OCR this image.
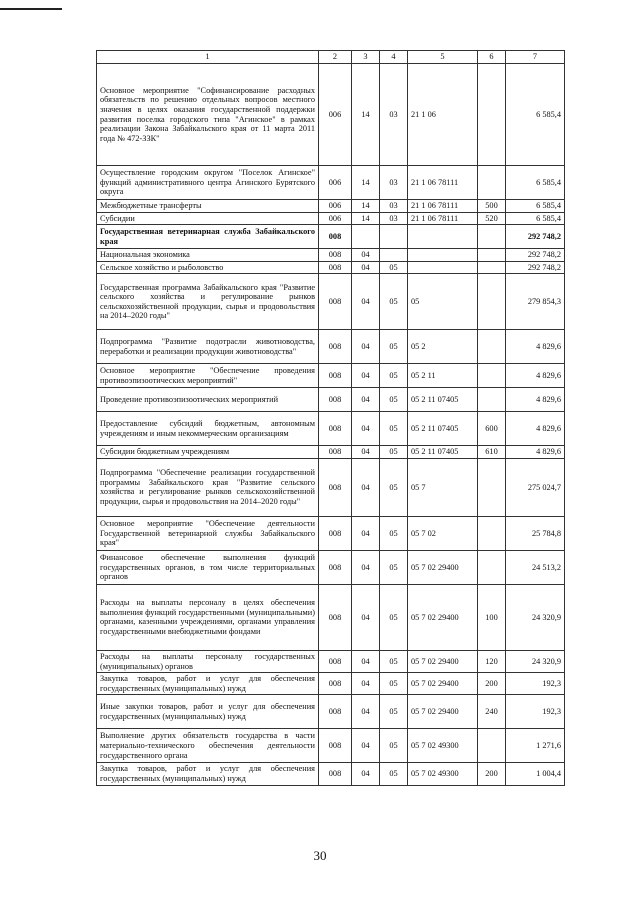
1	2	3	4	5	6	7
Основное мероприятие "Софинансирование расходных обязательств по решению отдельных вопросов местного значения в целях оказания государственной поддержки развития поселка городского типа "Агинское" в рамках реализации Закона Забайкальского края от 11 марта 2011 года № 472-ЗЗК"	006	14	03	21 1 06		6 585,4
Осуществление городским округом "Поселок Агинское" функций административного центра Агинского Бурятского округа	006	14	03	21 1 06 78111		6 585,4
Межбюджетные трансферты	006	14	03	21 1 06 78111	500	6 585,4
Субсидии	006	14	03	21 1 06 78111	520	6 585,4
Государственная ветеринарная служба Забайкальского края	008					292 748,2
Национальная экономика	008	04				292 748,2
Сельское хозяйство и рыболовство	008	04	05			292 748,2
Государственная программа Забайкальского края "Развитие сельского хозяйства и регулирование рынков сельскохозяйственной продукции, сырья и продовольствия на 2014–2020 годы"	008	04	05	05		279 854,3
Подпрограмма "Развитие подотрасли животноводства, переработки и реализации продукции животноводства"	008	04	05	05 2		4 829,6
Основное мероприятие "Обеспечение проведения противоэпизоотических мероприятий"	008	04	05	05 2 11		4 829,6
Проведение противоэпизоотических мероприятий	008	04	05	05 2 11 07405		4 829,6
Предоставление субсидий бюджетным, автономным учреждениям и иным некоммерческим организациям	008	04	05	05 2 11 07405	600	4 829,6
Субсидии бюджетным учреждениям	008	04	05	05 2 11 07405	610	4 829,6
Подпрограмма "Обеспечение реализации государственной программы Забайкальского края "Развитие сельского хозяйства и регулирование рынков сельскохозяйственной продукции, сырья и продовольствия на 2014–2020 годы"	008	04	05	05 7		275 024,7
Основное мероприятие "Обеспечение деятельности Государственной ветеринарной службы Забайкальского края"	008	04	05	05 7 02		25 784,8
Финансовое обеспечение выполнения функций государственных органов, в том числе территориальных органов	008	04	05	05 7 02 29400		24 513,2
Расходы на выплаты персоналу в целях обеспечения выполнения функций государственными (муниципальными) органами, казенными учреждениями, органами управления государственными внебюджетными фондами	008	04	05	05 7 02 29400	100	24 320,9
Расходы на выплаты персоналу государственных (муниципальных) органов	008	04	05	05 7 02 29400	120	24 320,9
Закупка товаров, работ и услуг для обеспечения государственных (муниципальных) нужд	008	04	05	05 7 02 29400	200	192,3
Иные закупки товаров, работ и услуг для обеспечения государственных (муниципальных) нужд	008	04	05	05 7 02 29400	240	192,3
Выполнение других обязательств государства в части материально-технического обеспечения деятельности государственного органа	008	04	05	05 7 02 49300		1 271,6
Закупка товаров, работ и услуг для обеспечения государственных (муниципальных) нужд	008	04	05	05 7 02 49300	200	1 004,4
30
